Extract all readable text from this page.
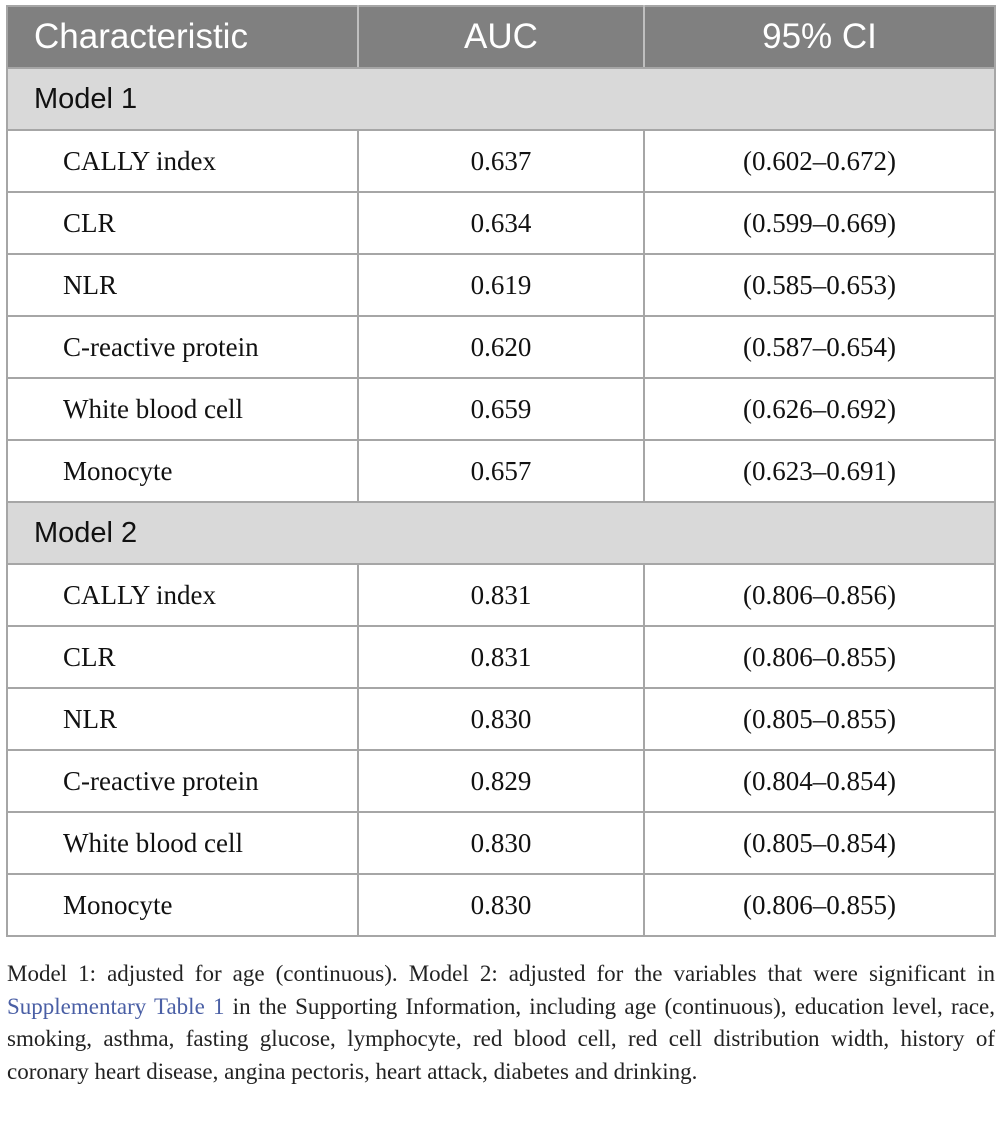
Characteristic	AUC	95% CI
Model 1		
CALLY index	0.637	(0.602–0.672)
CLR	0.634	(0.599–0.669)
NLR	0.619	(0.585–0.653)
C-reactive protein	0.620	(0.587–0.654)
White blood cell	0.659	(0.626–0.692)
Monocyte	0.657	(0.623–0.691)
Model 2		
CALLY index	0.831	(0.806–0.856)
CLR	0.831	(0.806–0.855)
NLR	0.830	(0.805–0.855)
C-reactive protein	0.829	(0.804–0.854)
White blood cell	0.830	(0.805–0.854)
Monocyte	0.830	(0.806–0.855)
Model 1: adjusted for age (continuous). Model 2: adjusted for the variables that were significant in Supplementary Table 1 in the Supporting Information, including age (continuous), education level, race, smoking, asthma, fasting glucose, lymphocyte, red blood cell, red cell distribution width, history of coronary heart disease, angina pectoris, heart attack, diabetes and drinking.
